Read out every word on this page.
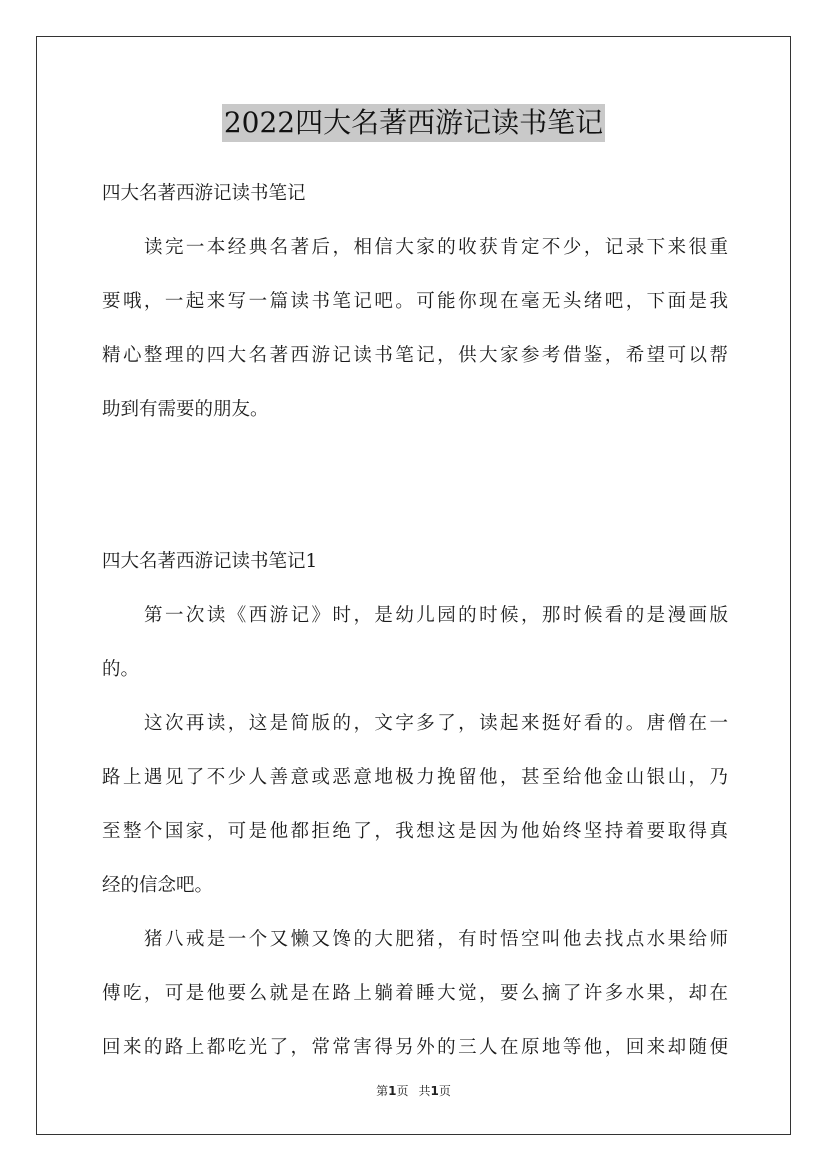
2022四大名著西游记读书笔记
四大名著西游记读书笔记
读完一本经典名著后，相信大家的收获肯定不少，记录下来很重
要哦，一起来写一篇读书笔记吧。可能你现在毫无头绪吧，下面是我
精心整理的四大名著西游记读书笔记，供大家参考借鉴，希望可以帮
助到有需要的朋友。
四大名著西游记读书笔记1
第一次读《西游记》时，是幼儿园的时候，那时候看的是漫画版
的。
这次再读，这是简版的，文字多了，读起来挺好看的。唐僧在一
路上遇见了不少人善意或恶意地极力挽留他，甚至给他金山银山，乃
至整个国家，可是他都拒绝了，我想这是因为他始终坚持着要取得真
经的信念吧。
猪八戒是一个又懒又馋的大肥猪，有时悟空叫他去找点水果给师
傅吃，可是他要么就是在路上躺着睡大觉，要么摘了许多水果，却在
回来的路上都吃光了，常常害得另外的三人在原地等他，回来却随便
第1页 共1页
